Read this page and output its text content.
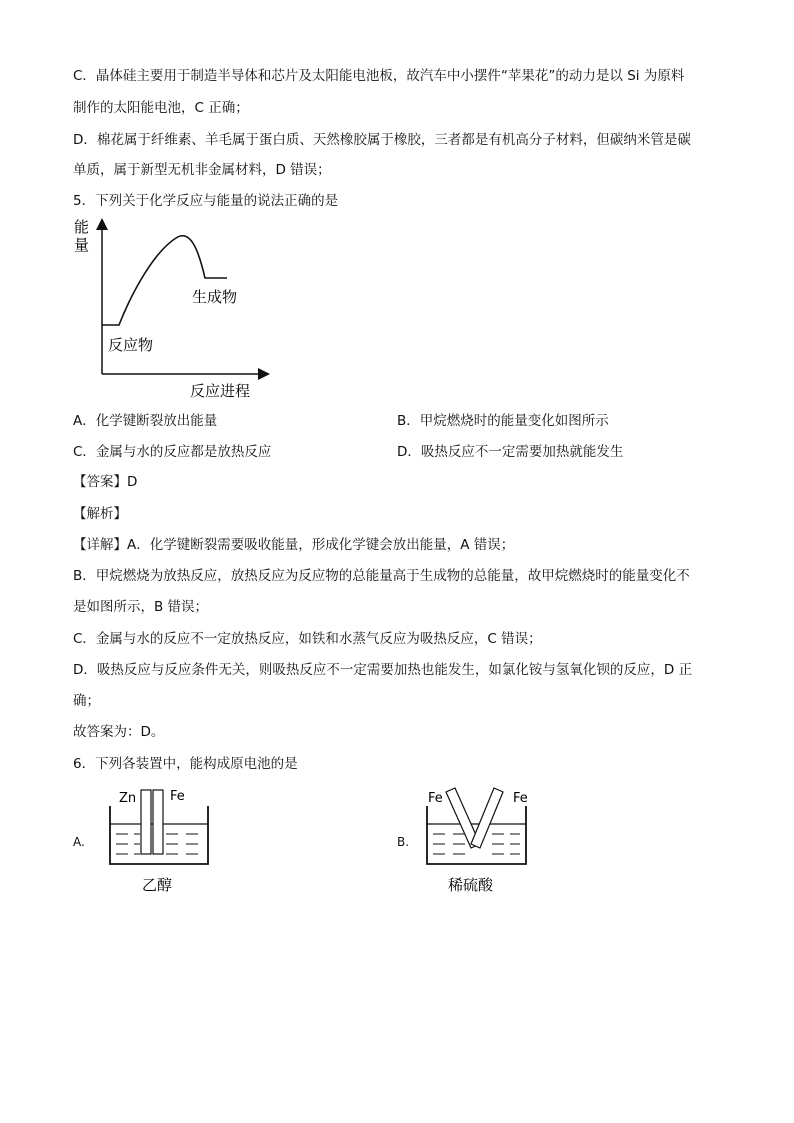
C．晶体硅主要用于制造半导体和芯片及太阳能电池板，故汽车中小摆件“苹果花”的动力是以 Si 为原料
制作的太阳能电池，C 正确；
D．棉花属于纤维素、羊毛属于蛋白质、天然橡胶属于橡胶，三者都是有机高分子材料，但碳纳米管是碳
单质，属于新型无机非金属材料，D 错误；
5．下列关于化学反应与能量的说法正确的是
能
量
生成物
反应物
反应进程
A．化学键断裂放出能量	B．甲烷燃烧时的能量变化如图所示
C．金属与水的反应都是放热反应	D．吸热反应不一定需要加热就能发生
【答案】D
【解析】
【详解】A．化学键断裂需要吸收能量，形成化学键会放出能量，A 错误；
B．甲烷燃烧为放热反应，放热反应为反应物的总能量高于生成物的总能量，故甲烷燃烧时的能量变化不
是如图所示，B 错误；
C．金属与水的反应不一定放热反应，如铁和水蒸气反应为吸热反应，C 错误；
D．吸热反应与反应条件无关，则吸热反应不一定需要加热也能发生，如氯化铵与氢氧化钡的反应，D 正
确；
故答案为：D。
6．下列各装置中，能构成原电池的是
A.
Zn	Fe
乙醇
B.
Fe	Fe
稀硫酸
